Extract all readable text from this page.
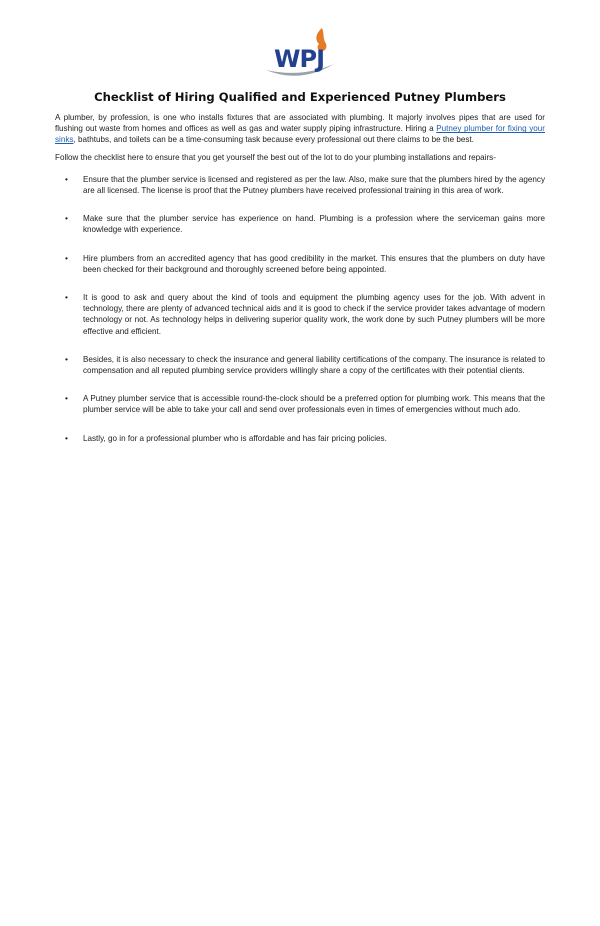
WPJ
Checklist of Hiring Qualified and Experienced Putney Plumbers

A plumber, by profession, is one who installs fixtures that are associated with plumbing. It majorly involves pipes that are used for flushing out waste from homes and offices as well as gas and water supply piping infrastructure. Hiring a Putney plumber for fixing your sinks, bathtubs, and toilets can be a time-consuming task because every professional out there claims to be the best.

Follow the checklist here to ensure that you get yourself the best out of the lot to do your plumbing installations and repairs-

• Ensure that the plumber service is licensed and registered as per the law. Also, make sure that the plumbers hired by the agency are all licensed. The license is proof that the Putney plumbers have received professional training in this area of work.
• Make sure that the plumber service has experience on hand. Plumbing is a profession where the serviceman gains more knowledge with experience.
• Hire plumbers from an accredited agency that has good credibility in the market. This ensures that the plumbers on duty have been checked for their background and thoroughly screened before being appointed.
• It is good to ask and query about the kind of tools and equipment the plumbing agency uses for the job. With advent in technology, there are plenty of advanced technical aids and it is good to check if the service provider takes advantage of modern technology or not. As technology helps in delivering superior quality work, the work done by such Putney plumbers will be more effective and efficient.
• Besides, it is also necessary to check the insurance and general liability certifications of the company. The insurance is related to compensation and all reputed plumbing service providers willingly share a copy of the certificates with their potential clients.
• A Putney plumber service that is accessible round-the-clock should be a preferred option for plumbing work. This means that the plumber service will be able to take your call and send over professionals even in times of emergencies without much ado.
• Lastly, go in for a professional plumber who is affordable and has fair pricing policies.
